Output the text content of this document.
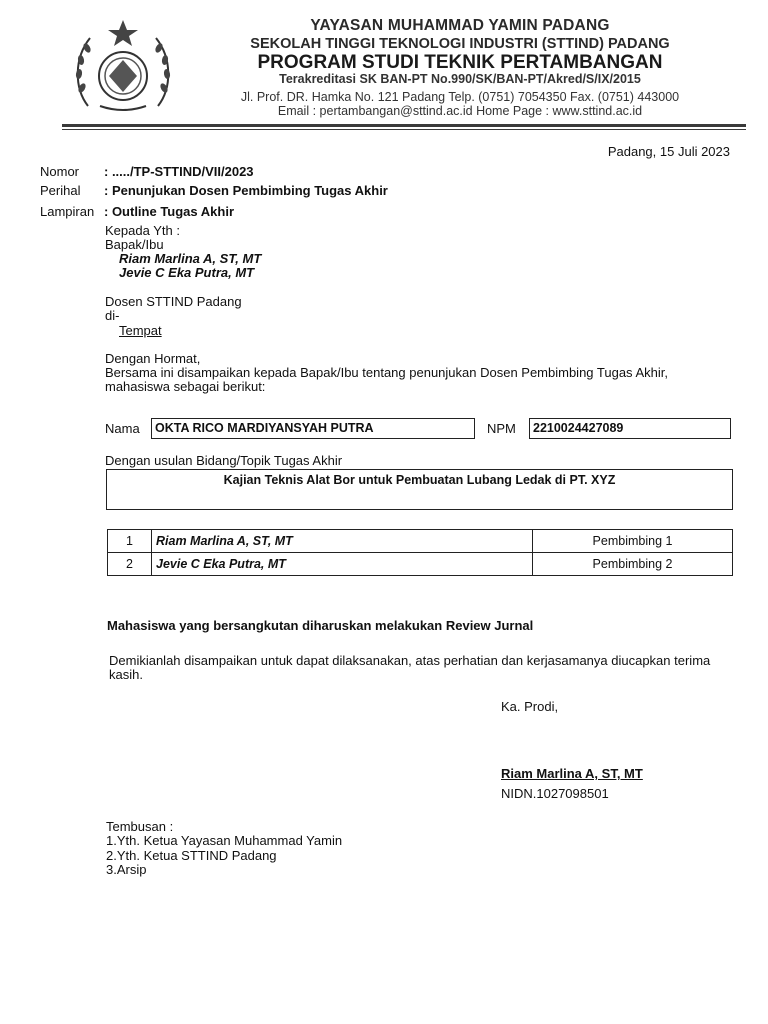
YAYASAN MUHAMMAD YAMIN PADANG
SEKOLAH TINGGI TEKNOLOGI INDUSTRI (STTIND) PADANG
PROGRAM STUDI TEKNIK PERTAMBANGAN
Terakreditasi SK BAN-PT No.990/SK/BAN-PT/Akred/S/IX/2015
Jl. Prof. DR. Hamka No. 121 Padang Telp. (0751) 7054350 Fax. (0751) 443000
Email : pertambangan@sttind.ac.id Home Page : www.sttind.ac.id
Padang, 15 Juli 2023
Nomor : ...../TP-STTIND/VII/2023
Perihal : Penunjukan Dosen Pembimbing Tugas Akhir
Lampiran : Outline Tugas Akhir
Kepada Yth :
Bapak/Ibu
Riam Marlina A, ST, MT
Jevie C Eka Putra, MT
Dosen STTIND Padang
di-
Tempat
Dengan Hormat,
Bersama ini disampaikan kepada Bapak/Ibu tentang penunjukan Dosen Pembimbing Tugas Akhir,
mahasiswa sebagai berikut:
Nama OKTA RICO MARDIYANSYAH PUTRA	NPM 2210024427089
Dengan usulan Bidang/Topik Tugas Akhir
Kajian Teknis Alat Bor untuk Pembuatan Lubang Ledak di PT. XYZ
1	Riam Marlina A, ST, MT	Pembimbing 1
2	Jevie C Eka Putra, MT	Pembimbing 2
Mahasiswa yang bersangkutan diharuskan melakukan Review Jurnal
Demikianlah disampaikan untuk dapat dilaksanakan, atas perhatian dan kerjasamanya diucapkan terima
kasih.
Ka. Prodi,
Riam Marlina A, ST, MT
NIDN.1027098501
Tembusan :
1.Yth. Ketua Yayasan Muhammad Yamin
2.Yth. Ketua STTIND Padang
3.Arsip
